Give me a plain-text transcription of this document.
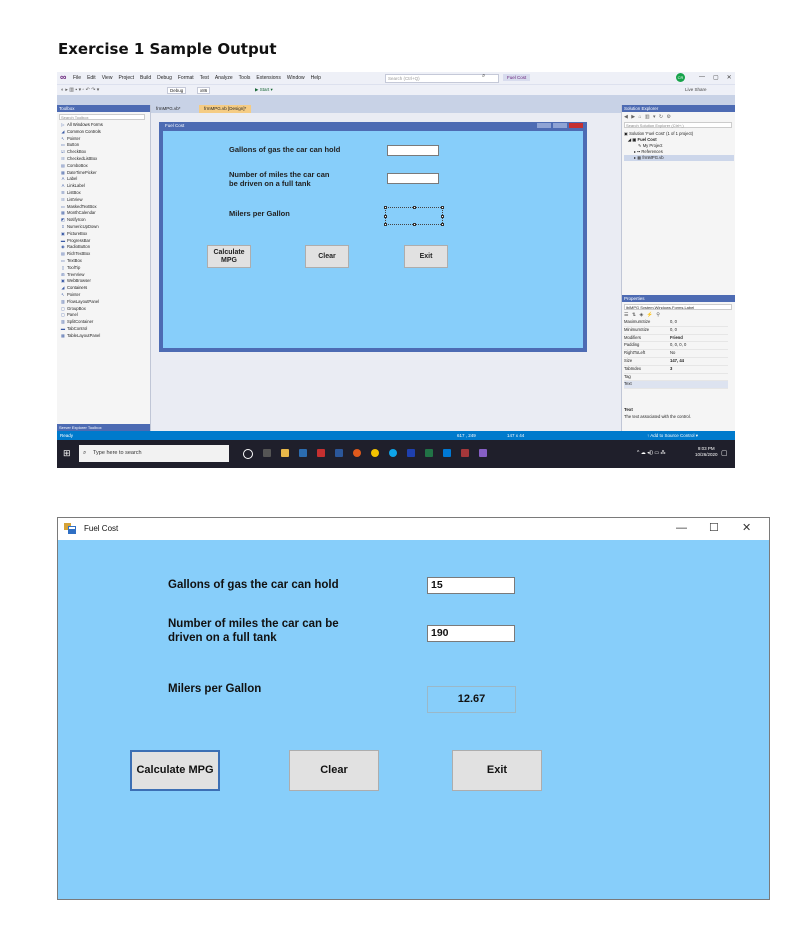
Exercise 1 Sample Output
∞	File Edit View Project Build Debug Format Test Analyze Tools Extensions Window Help	Search (Ctrl+Q)	⌕	Fuel Cost	CR	— ▢ ✕
◐ ▸ ▥ ▪ ▾ ▫ ↶ ↷ ▾	Debug	x86	▶ Start ▾	Live Share
Toolbox
Search Toolbox
▷ All Windows Forms
◢ Common Controls
↖ Pointer
▭ Button
☑ CheckBox
☷ CheckedListBox
▤ ComboBox
▦ DateTimePicker
A Label
A LinkLabel
☰ ListBox
☷ ListView
▭ MaskedTextBox
▦ MonthCalendar
◩ NotifyIcon
⇕ NumericUpDown
▣ PictureBox
▬ ProgressBar
◉ RadioButton
▤ RichTextBox
▭ TextBox
▯ ToolTip
⊞ TreeView
▣ WebBrowser
◢ Containers
↖ Pointer
▥ FlowLayoutPanel
▢ GroupBox
▢ Panel
▥ SplitContainer
▬ TabControl
▦ TableLayoutPanel
Server Explorer Toolbox
frmMPG.vb*	frmMPG.vb [Design]*
Fuel Cost
Gallons of gas the car can hold
Number of miles the car can
be driven on a full tank
Milers per Gallon
Calculate
MPG
Clear	Exit
Solution Explorer
◀ ▶ ⌂ ▥ ▾ ↻ ⚙
Search Solution Explorer (Ctrl+;)
▣ Solution 'Fuel Cost' (1 of 1 project)
◢ ▣ Fuel Cost
✎ My Project
▸ ▪▪ References
▸ ▦ frmMPG.vb
Properties
lblMPG System.Windows.Forms.Label
☰ ⇅ ◈ ⚡ ⚲
MaximumSize	0, 0
MinimumSize	0, 0
Modifiers	Friend
Padding	0, 0, 0, 0
RightToLeft	No
Size	147, 44
TabIndex	3
Tag
Text
Text
The text associated with the control.
Ready	617 , 249	147 x 44	↑ Add to Source Control ▾
⊞	Type here to search
⌕	^ ☁ ◂)) ▭ ⁂
9:03 PM
10/26/2020 ▢
Fuel Cost	— ☐ ✕
Gallons of gas the car can hold	15
Number of miles the car can be
driven on a full tank	190
Milers per Gallon
12.67
Calculate MPG	Clear	Exit
